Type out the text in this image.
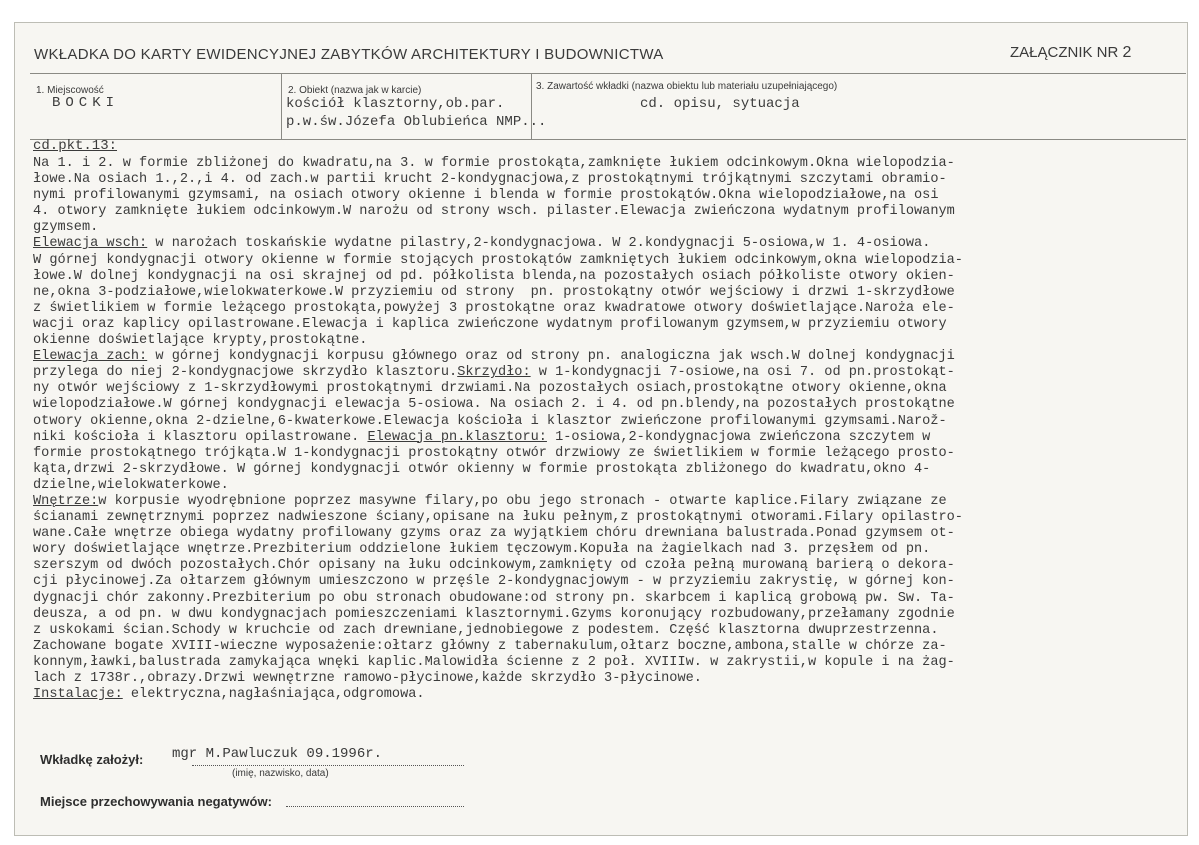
WKŁADKA DO KARTY EWIDENCYJNEJ ZABYTKÓW ARCHITEKTURY I BUDOWNICTWA	ZAŁĄCZNIK NR 2
1. Miejscowość
BOCKI
2. Obiekt (nazwa jak w karcie)
kościół klasztorny,ob.par.
p.w.św.Józefa Oblubieńca NMP...
3. Zawartość wkładki (nazwa obiektu lub materiału uzupełniającego)
cd. opisu, sytuacja
cd.pkt.13:
Na 1. i 2. w formie zbliżonej do kwadratu,na 3. w formie prostokąta,zamknięte łukiem odcinkowym.Okna wielopodzia-
łowe.Na osiach 1.,2.,i 4. od zach.w partii krucht 2-kondygnacjowa,z prostokątnymi trójkątnymi szczytami obramio-
nymi profilowanymi gzymsami, na osiach otwory okienne i blenda w formie prostokątów.Okna wielopodziałowe,na osi
4. otwory zamknięte łukiem odcinkowym.W narożu od strony wsch. pilaster.Elewacja zwieńczona wydatnym profilowanym
gzymsem.
Elewacja wsch: w narożach toskańskie wydatne pilastry,2-kondygnacjowa. W 2.kondygnacji 5-osiowa,w 1. 4-osiowa.
W górnej kondygnacji otwory okienne w formie stojących prostokątów zamkniętych łukiem odcinkowym,okna wielopodzia-
łowe.W dolnej kondygnacji na osi skrajnej od pd. półkolista blenda,na pozostałych osiach półkoliste otwory okien-
ne,okna 3-podziałowe,wielokwaterkowe.W przyziemiu od strony  pn. prostokątny otwór wejściowy i drzwi 1-skrzydłowe
z świetlikiem w formie leżącego prostokąta,powyżej 3 prostokątne oraz kwadratowe otwory doświetlające.Naroża ele-
wacji oraz kaplicy opilastrowane.Elewacja i kaplica zwieńczone wydatnym profilowanym gzymsem,w przyziemiu otwory
okienne doświetlające krypty,prostokątne.
Elewacja zach: w górnej kondygnacji korpusu głównego oraz od strony pn. analogiczna jak wsch.W dolnej kondygnacji
przylega do niej 2-kondygnacjowe skrzydło klasztoru.Skrzydło: w 1-kondygnacji 7-osiowe,na osi 7. od pn.prostokąt-
ny otwór wejściowy z 1-skrzydłowymi prostokątnymi drzwiami.Na pozostałych osiach,prostokątne otwory okienne,okna
wielopodziałowe.W górnej kondygnacji elewacja 5-osiowa. Na osiach 2. i 4. od pn.blendy,na pozostałych prostokątne
otwory okienne,okna 2-dzielne,6-kwaterkowe.Elewacja kościoła i klasztor zwieńczone profilowanymi gzymsami.Narož-
niki kościoła i klasztoru opilastrowane. Elewacja pn.klasztoru: 1-osiowa,2-kondygnacjowa zwieńczona szczytem w
formie prostokątnego trójkąta.W 1-kondygnacji prostokątny otwór drzwiowy ze świetlikiem w formie leżącego prosto-
kąta,drzwi 2-skrzydłowe. W górnej kondygnacji otwór okienny w formie prostokąta zbliżonego do kwadratu,okno 4-
dzielne,wielokwaterkowe.
Wnętrze:w korpusie wyodrębnione poprzez masywne filary,po obu jego stronach - otwarte kaplice.Filary związane ze
ścianami zewnętrznymi poprzez nadwieszone ściany,opisane na łuku pełnym,z prostokątnymi otworami.Filary opilastro-
wane.Całe wnętrze obiega wydatny profilowany gzyms oraz za wyjątkiem chóru drewniana balustrada.Ponad gzymsem ot-
wory doświetlające wnętrze.Prezbiterium oddzielone łukiem tęczowym.Kopuła na żagielkach nad 3. przęsłem od pn.
szerszym od dwóch pozostałych.Chór opisany na łuku odcinkowym,zamknięty od czoła pełną murowaną barierą o dekora-
cji płycinowej.Za ołtarzem głównym umieszczono w przęśle 2-kondygnacjowym - w przyziemiu zakrystię, w górnej kon-
dygnacji chór zakonny.Prezbiterium po obu stronach obudowane:od strony pn. skarbcem i kaplicą grobową pw. Sw. Ta-
deusza, a od pn. w dwu kondygnacjach pomieszczeniami klasztornymi.Gzyms koronujący rozbudowany,przełamany zgodnie
z uskokami ścian.Schody w kruchcie od zach drewniane,jednobiegowe z podestem. Część klasztorna dwuprzestrzenna.
Zachowane bogate XVIII-wieczne wyposażenie:ołtarz główny z tabernakulum,ołtarz boczne,ambona,stalle w chórze za-
konnym,ławki,balustrada zamykająca wnęki kaplic.Malowidła ścienne z 2 poł. XVIIIw. w zakrystii,w kopule i na żag-
lach z 1738r.,obrazy.Drzwi wewnętrzne ramowo-płycinowe,każde skrzydło 3-płycinowe.
Instalacje: elektryczna,nagłaśniająca,odgromowa.
Wkładkę założył: mgr M.Pawluczuk 09.1996r.
(imię, nazwisko, data)
Miejsce przechowywania negatywów:
